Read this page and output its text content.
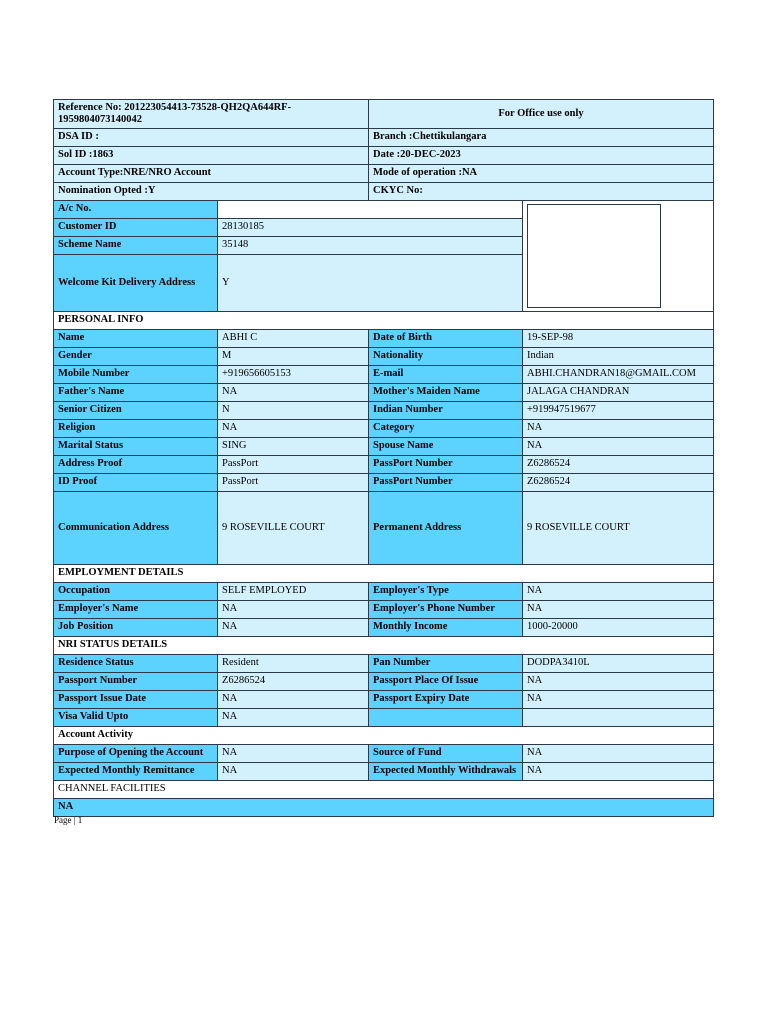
Reference No: 201223054413-73528-QH2QA644RF-1959804073140042		For Office use only	
DSA ID :		Branch :Chettikulangara	
Sol ID :1863		Date :20-DEC-2023	
Account Type:NRE/NRO Account		Mode of operation :NA	
Nomination Opted :Y		CKYC No:	
A/c No.			

Customer ID	28130185		
Scheme Name	35148		
Welcome Kit Delivery Address	Y		
PERSONAL INFO			
Name	ABHI C	Date of Birth	19-SEP-98
Gender	M	Nationality	Indian
Mobile Number	+919656605153	E-mail	ABHI.CHANDRAN18@GMAIL.COM
Father's Name	NA	Mother's Maiden Name	JALAGA CHANDRAN
Senior Citizen	N	Indian Number	+919947519677
Religion	NA	Category	NA
Marital Status	SING	Spouse Name	NA
Address Proof	PassPort	PassPort Number	Z6286524
ID Proof	PassPort	PassPort Number	Z6286524
Communication Address	9 ROSEVILLE COURT	Permanent Address	9 ROSEVILLE COURT
EMPLOYMENT DETAILS			
Occupation	SELF EMPLOYED	Employer's Type	NA
Employer's Name	NA	Employer's Phone Number	NA
Job Position	NA	Monthly Income	1000-20000
NRI STATUS DETAILS			
Residence Status	Resident	Pan Number	DODPA3410L
Passport Number	Z6286524	Passport Place Of Issue	NA
Passport Issue Date	NA	Passport Expiry Date	NA
Visa Valid Upto	NA		
Account Activity			
Purpose of Opening the Account	NA	Source of Fund	NA
Expected Monthly Remittance	NA	Expected Monthly Withdrawals	NA
CHANNEL FACILITIES			
NA			
Page | 1
